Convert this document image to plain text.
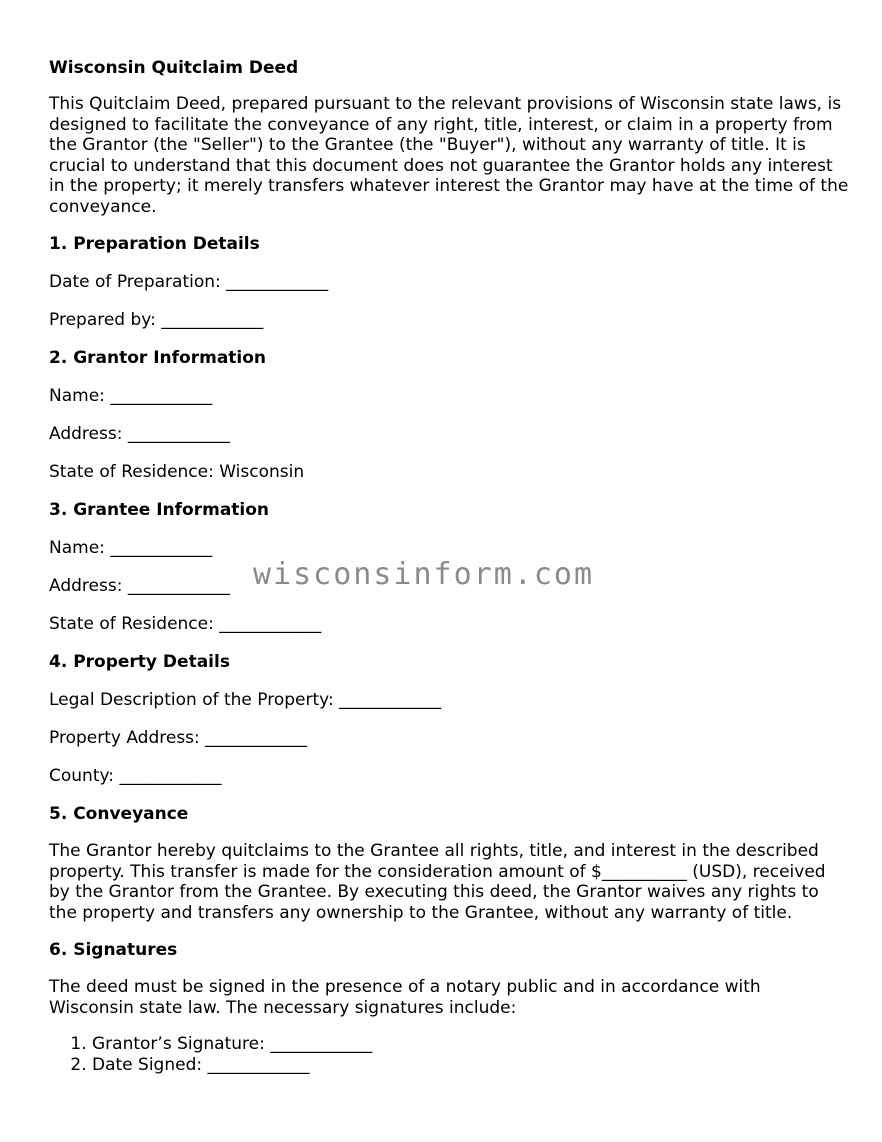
Wisconsin Quitclaim Deed

This Quitclaim Deed, prepared pursuant to the relevant provisions of Wisconsin state laws, is designed to facilitate the conveyance of any right, title, interest, or claim in a property from the Grantor (the "Seller") to the Grantee (the "Buyer"), without any warranty of title. It is crucial to understand that this document does not guarantee the Grantor holds any interest in the property; it merely transfers whatever interest the Grantor may have at the time of the conveyance.

1. Preparation Details
Date of Preparation: ____________
Prepared by: ____________
2. Grantor Information
Name: ____________
Address: ____________
State of Residence: Wisconsin
3. Grantee Information
Name: ____________
Address: ____________
State of Residence: ____________
4. Property Details
Legal Description of the Property: ____________
Property Address: ____________
County: ____________
5. Conveyance

The Grantor hereby quitclaims to the Grantee all rights, title, and interest in the described property. This transfer is made for the consideration amount of $__________ (USD), received by the Grantor from the Grantee. By executing this deed, the Grantor waives any rights to the property and transfers any ownership to the Grantee, without any warranty of title.

6. Signatures

The deed must be signed in the presence of a notary public and in accordance with Wisconsin state law. The necessary signatures include:

1. Grantor’s Signature: ____________
2. Date Signed: ____________
wisconsinform.com
